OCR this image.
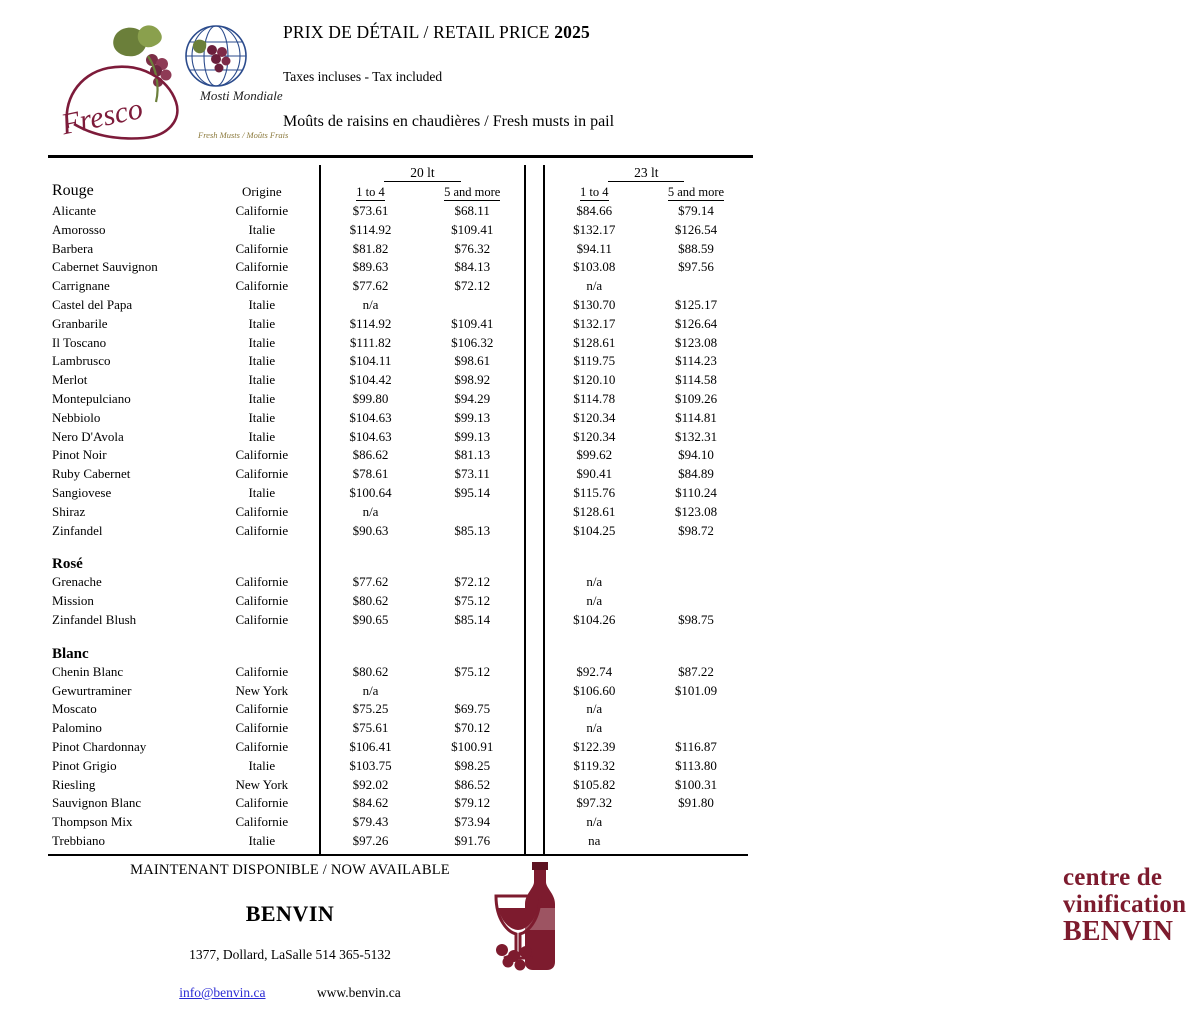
Fresco	Mosti Mondiale
Fresh Musts / Moûts Frais
PRIX DE DÉTAIL / RETAIL PRICE 2025
Taxes incluses - Tax included
Moûts de raisins en chaudières / Fresh musts in pail
		20 lt			23 lt	
Rouge	Origine	1 to 4	5 and more		1 to 4	5 and more
Alicante	Californie	$73.61	$68.11		$84.66	$79.14
Amorosso	Italie	$114.92	$109.41		$132.17	$126.54
Barbera	Californie	$81.82	$76.32		$94.11	$88.59
Cabernet Sauvignon	Californie	$89.63	$84.13		$103.08	$97.56
Carrignane	Californie	$77.62	$72.12		n/a	
Castel del Papa	Italie	n/a			$130.70	$125.17
Granbarile	Italie	$114.92	$109.41		$132.17	$126.64
Il Toscano	Italie	$111.82	$106.32		$128.61	$123.08
Lambrusco	Italie	$104.11	$98.61		$119.75	$114.23
Merlot	Italie	$104.42	$98.92		$120.10	$114.58
Montepulciano	Italie	$99.80	$94.29		$114.78	$109.26
Nebbiolo	Italie	$104.63	$99.13		$120.34	$114.81
Nero D'Avola	Italie	$104.63	$99.13		$120.34	$132.31
Pinot Noir	Californie	$86.62	$81.13		$99.62	$94.10
Ruby Cabernet	Californie	$78.61	$73.11		$90.41	$84.89
Sangiovese	Italie	$100.64	$95.14		$115.76	$110.24
Shiraz	Californie	n/a			$128.61	$123.08
Zinfandel	Californie	$90.63	$85.13		$104.25	$98.72

Rosé						
Grenache	Californie	$77.62	$72.12		n/a	
Mission	Californie	$80.62	$75.12		n/a	
Zinfandel Blush	Californie	$90.65	$85.14		$104.26	$98.75

Blanc						
Chenin Blanc	Californie	$80.62	$75.12		$92.74	$87.22
Gewurtraminer	New York	n/a			$106.60	$101.09
Moscato	Californie	$75.25	$69.75		n/a	
Palomino	Californie	$75.61	$70.12		n/a	
Pinot Chardonnay	Californie	$106.41	$100.91		$122.39	$116.87
Pinot Grigio	Italie	$103.75	$98.25		$119.32	$113.80
Riesling	New York	$92.02	$86.52		$105.82	$100.31
Sauvignon Blanc	Californie	$84.62	$79.12		$97.32	$91.80
Thompson Mix	Californie	$79.43	$73.94		n/a	
Trebbiano	Italie	$97.26	$91.76		na	

MAINTENANT DISPONIBLE / NOW AVAILABLE
BENVIN
1377, Dollard, LaSalle 514 365-5132
info@benvin.ca	www.benvin.ca
centre de
vinification
BENVIN
